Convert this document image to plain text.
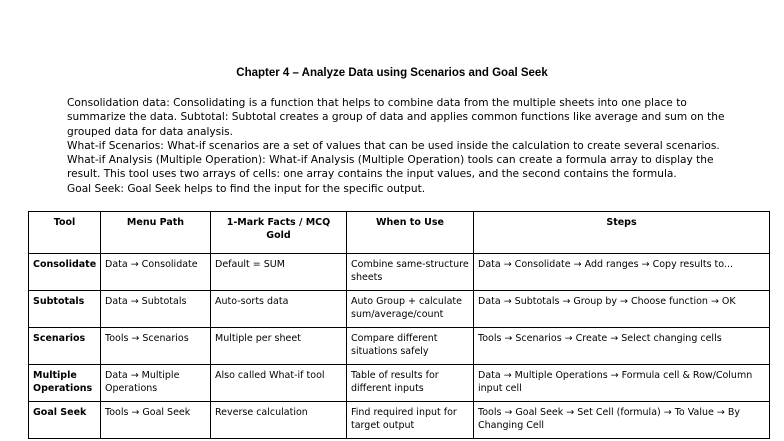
Chapter 4 – Analyze Data using Scenarios and Goal Seek

Consolidation data: Consolidating is a function that helps to combine data from the multiple sheets into one place to summarize the data. Subtotal: Subtotal creates a group of data and applies common functions like average and sum on the grouped data for data analysis.

What-if Scenarios: What-if scenarios are a set of values that can be used inside the calculation to create several scenarios.

What-if Analysis (Multiple Operation): What-if Analysis (Multiple Operation) tools can create a formula array to display the result. This tool uses two arrays of cells: one array contains the input values, and the second contains the formula.

Goal Seek: Goal Seek helps to find the input for the specific output.

Tool	Menu Path	1-Mark Facts / MCQ Gold	When to Use	Steps
Consolidate	Data → Consolidate	Default = SUM	Combine same-structure sheets	Data → Consolidate → Add ranges → Copy results to...
Subtotals	Data → Subtotals	Auto-sorts data	Auto Group + calculate sum/average/count	Data → Subtotals → Group by → Choose function → OK
Scenarios	Tools → Scenarios	Multiple per sheet	Compare different situations safely	Tools → Scenarios → Create → Select changing cells
Multiple Operations	Data → Multiple Operations	Also called What-if tool	Table of results for different inputs	Data → Multiple Operations → Formula cell & Row/Column input cell
Goal Seek	Tools → Goal Seek	Reverse calculation	Find required input for target output	Tools → Goal Seek → Set Cell (formula) → To Value → By Changing Cell
